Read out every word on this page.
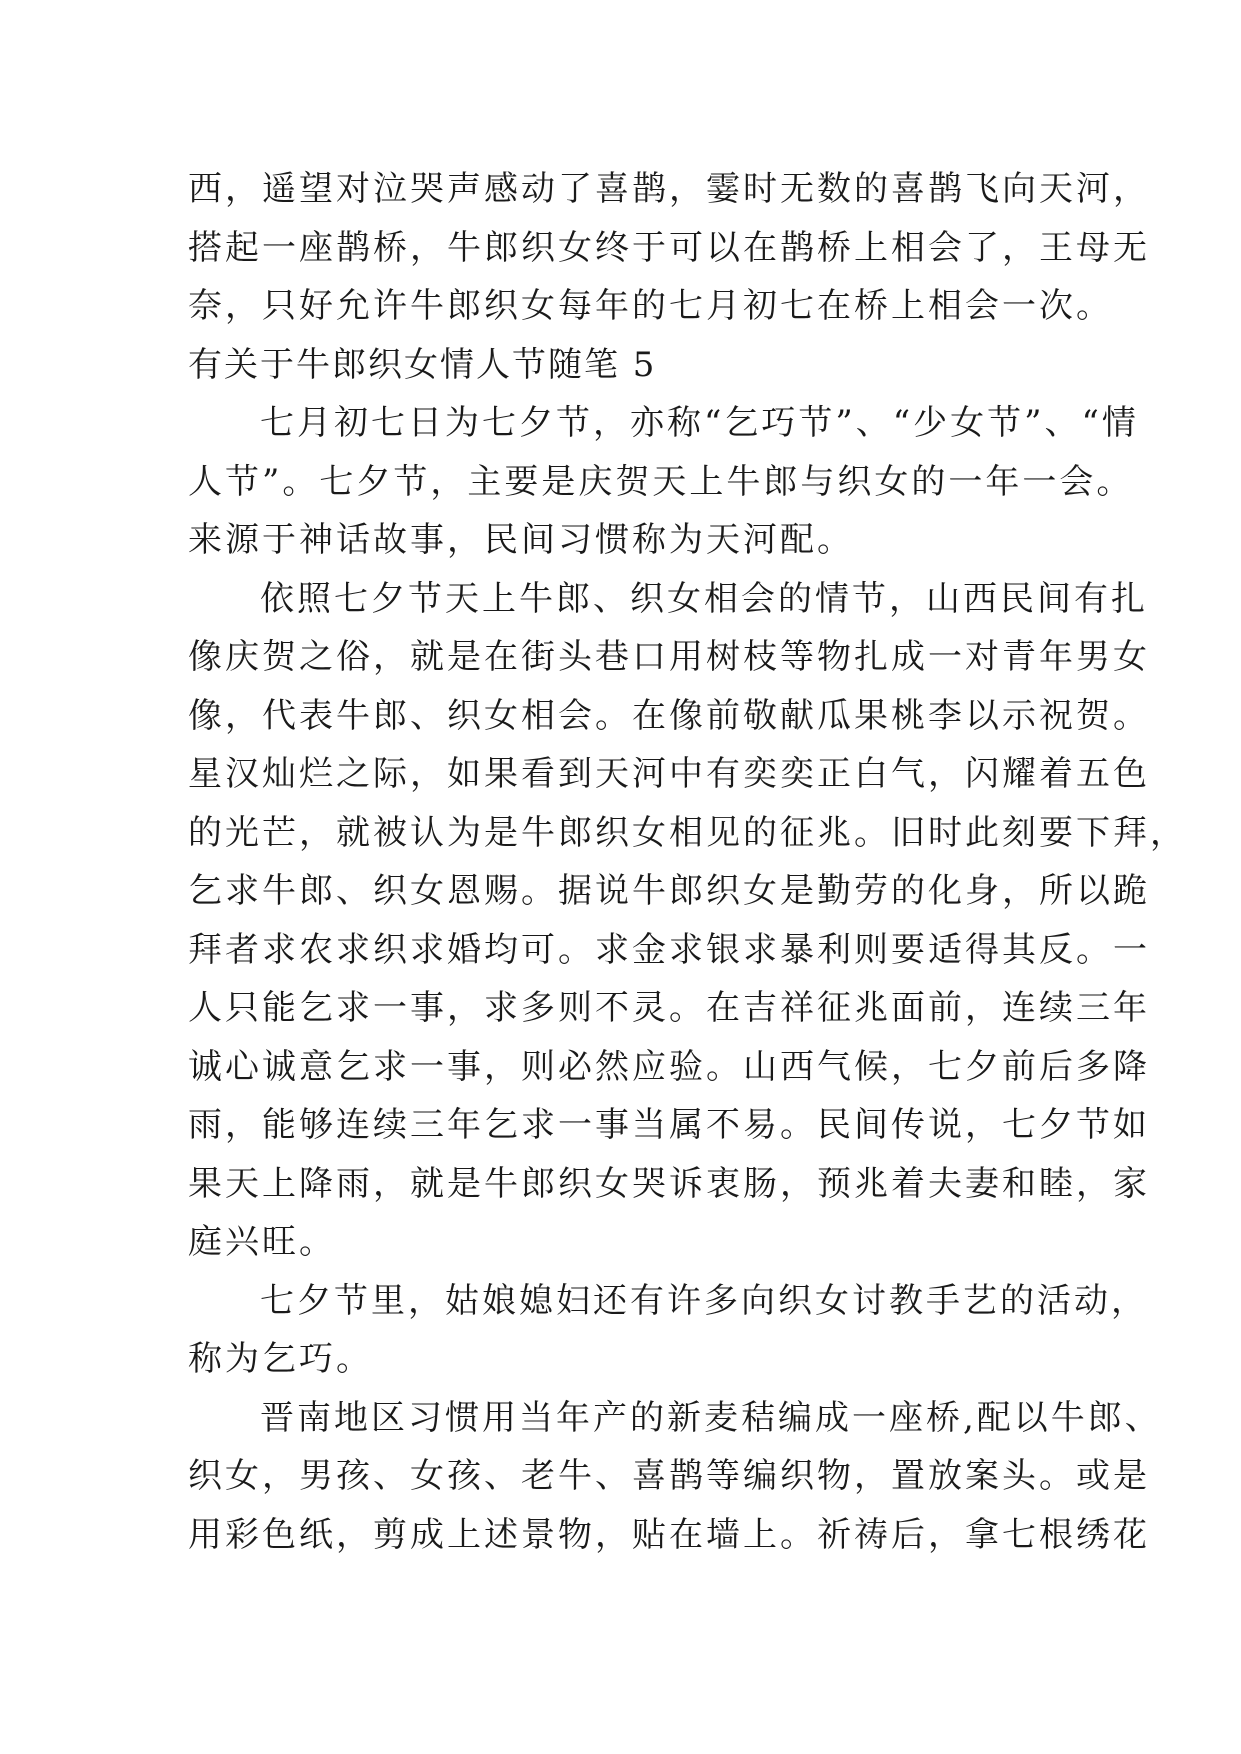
西，遥望对泣哭声感动了喜鹊，霎时无数的喜鹊飞向天河，
搭起一座鹊桥，牛郎织女终于可以在鹊桥上相会了，王母无
奈，只好允许牛郎织女每年的七月初七在桥上相会一次。
有关于牛郎织女情人节随笔 5
七月初七日为七夕节，亦称“乞巧节”、“少女节”、“情
人节”。七夕节，主要是庆贺天上牛郎与织女的一年一会。
来源于神话故事，民间习惯称为天河配。
依照七夕节天上牛郎、织女相会的情节，山西民间有扎
像庆贺之俗，就是在街头巷口用树枝等物扎成一对青年男女
像，代表牛郎、织女相会。在像前敬献瓜果桃李以示祝贺。
星汉灿烂之际，如果看到天河中有奕奕正白气，闪耀着五色
的光芒，就被认为是牛郎织女相见的征兆。旧时此刻要下拜，
乞求牛郎、织女恩赐。据说牛郎织女是勤劳的化身，所以跪
拜者求农求织求婚均可。求金求银求暴利则要适得其反。一
人只能乞求一事，求多则不灵。在吉祥征兆面前，连续三年
诚心诚意乞求一事，则必然应验。山西气候，七夕前后多降
雨，能够连续三年乞求一事当属不易。民间传说，七夕节如
果天上降雨，就是牛郎织女哭诉衷肠，预兆着夫妻和睦，家
庭兴旺。
七夕节里，姑娘媳妇还有许多向织女讨教手艺的活动，
称为乞巧。
晋南地区习惯用当年产的新麦秸编成一座桥,配以牛郎、
织女，男孩、女孩、老牛、喜鹊等编织物，置放案头。或是
用彩色纸，剪成上述景物，贴在墙上。祈祷后，拿七根绣花
